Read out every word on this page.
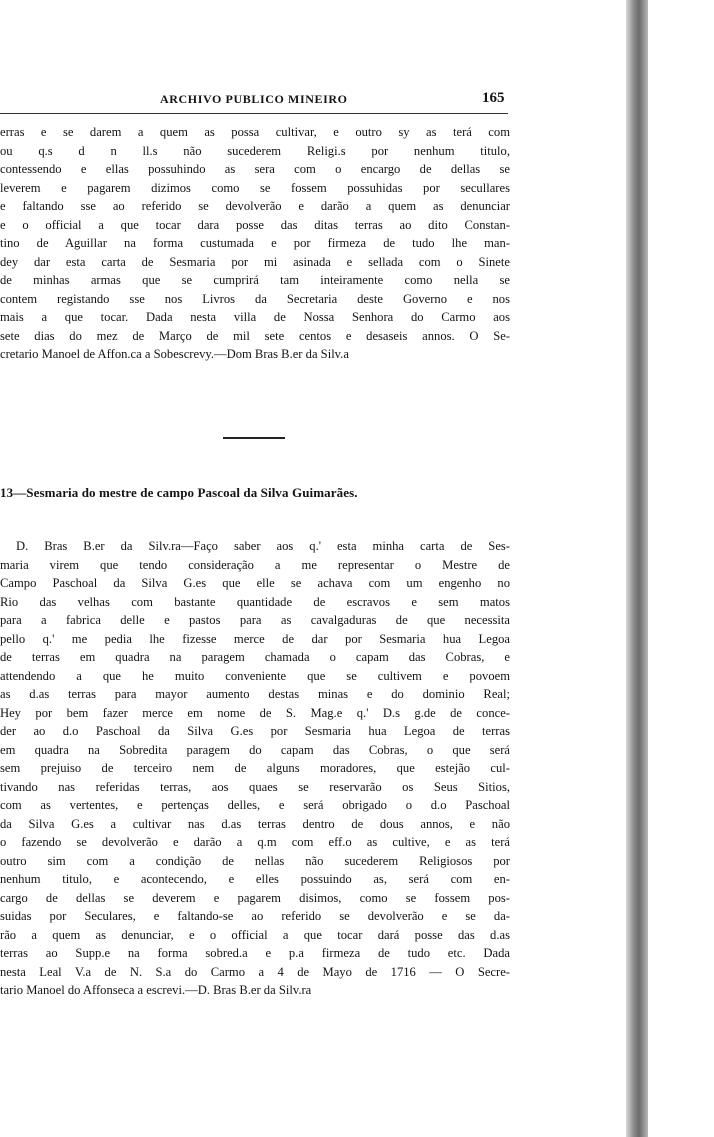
ARCHIVO PUBLICO MINEIRO	165
erras e se darem a quem as possa cultivar, e outro sy as terá com
ou q.s d n ll.s não sucederem Religi.s por nenhum titulo,
contessendo e ellas possuhindo as sera com o encargo de dellas se
leverem e pagarem dizimos como se fossem possuhidas por secullares
e faltando sse ao referido se devolverão e darão a quem as denunciar
e o official a que tocar dara posse das ditas terras ao dito Constan-
tino de Aguillar na forma custumada e por firmeza de tudo lhe man-
dey dar esta carta de Sesmaria por mi asinada e sellada com o Sinete
de minhas armas que se cumprirá tam inteiramente como nella se
contem registando sse nos Livros da Secretaria deste Governo e nos
mais a que tocar. Dada nesta villa de Nossa Senhora do Carmo aos
sete dias do mez de Março de mil sete centos e desaseis annos. O Se-
cretario Manoel de Affon.ca a Sobescrevy.—Dom Bras B.er da Silv.a
13—Sesmaria do mestre de campo Pascoal da Silva Guimarães.
D. Bras B.er da Silv.ra—Faço saber aos q.' esta minha carta de Ses-
maria virem que tendo consideração a me representar o Mestre de
Campo Paschoal da Silva G.es que elle se achava com um engenho no
Rio das velhas com bastante quantidade de escravos e sem matos
para a fabrica delle e pastos para as cavalgaduras de que necessita
pello q.' me pedia lhe fizesse merce de dar por Sesmaria hua Legoa
de terras em quadra na paragem chamada o capam das Cobras, e
attendendo a que he muito conveniente que se cultivem e povoem
as d.as terras para mayor aumento destas minas e do dominio Real;
Hey por bem fazer merce em nome de S. Mag.e q.' D.s g.de de conce-
der ao d.o Paschoal da Silva G.es por Sesmaria hua Legoa de terras
em quadra na Sobredita paragem do capam das Cobras, o que será
sem prejuiso de terceiro nem de alguns moradores, que estejão cul-
tivando nas referidas terras, aos quaes se reservarão os Seus Sitios,
com as vertentes, e pertenças delles, e será obrigado o d.o Paschoal
da Silva G.es a cultivar nas d.as terras dentro de dous annos, e não
o fazendo se devolverão e darão a q.m com eff.o as cultive, e as terá
outro sim com a condição de nellas não sucederem Religiosos por
nenhum titulo, e acontecendo, e elles possuindo as, será com en-
cargo de dellas se deverem e pagarem disimos, como se fossem pos-
suidas por Seculares, e faltando-se ao referido se devolverão e se da-
rão a quem as denunciar, e o official a que tocar dará posse das d.as
terras ao Supp.e na forma sobred.a e p.a firmeza de tudo etc. Dada
nesta Leal V.a de N. S.a do Carmo a 4 de Mayo de 1716 — O Secre-
tario Manoel do Affonseca a escrevi.—D. Bras B.er da Silv.ra
